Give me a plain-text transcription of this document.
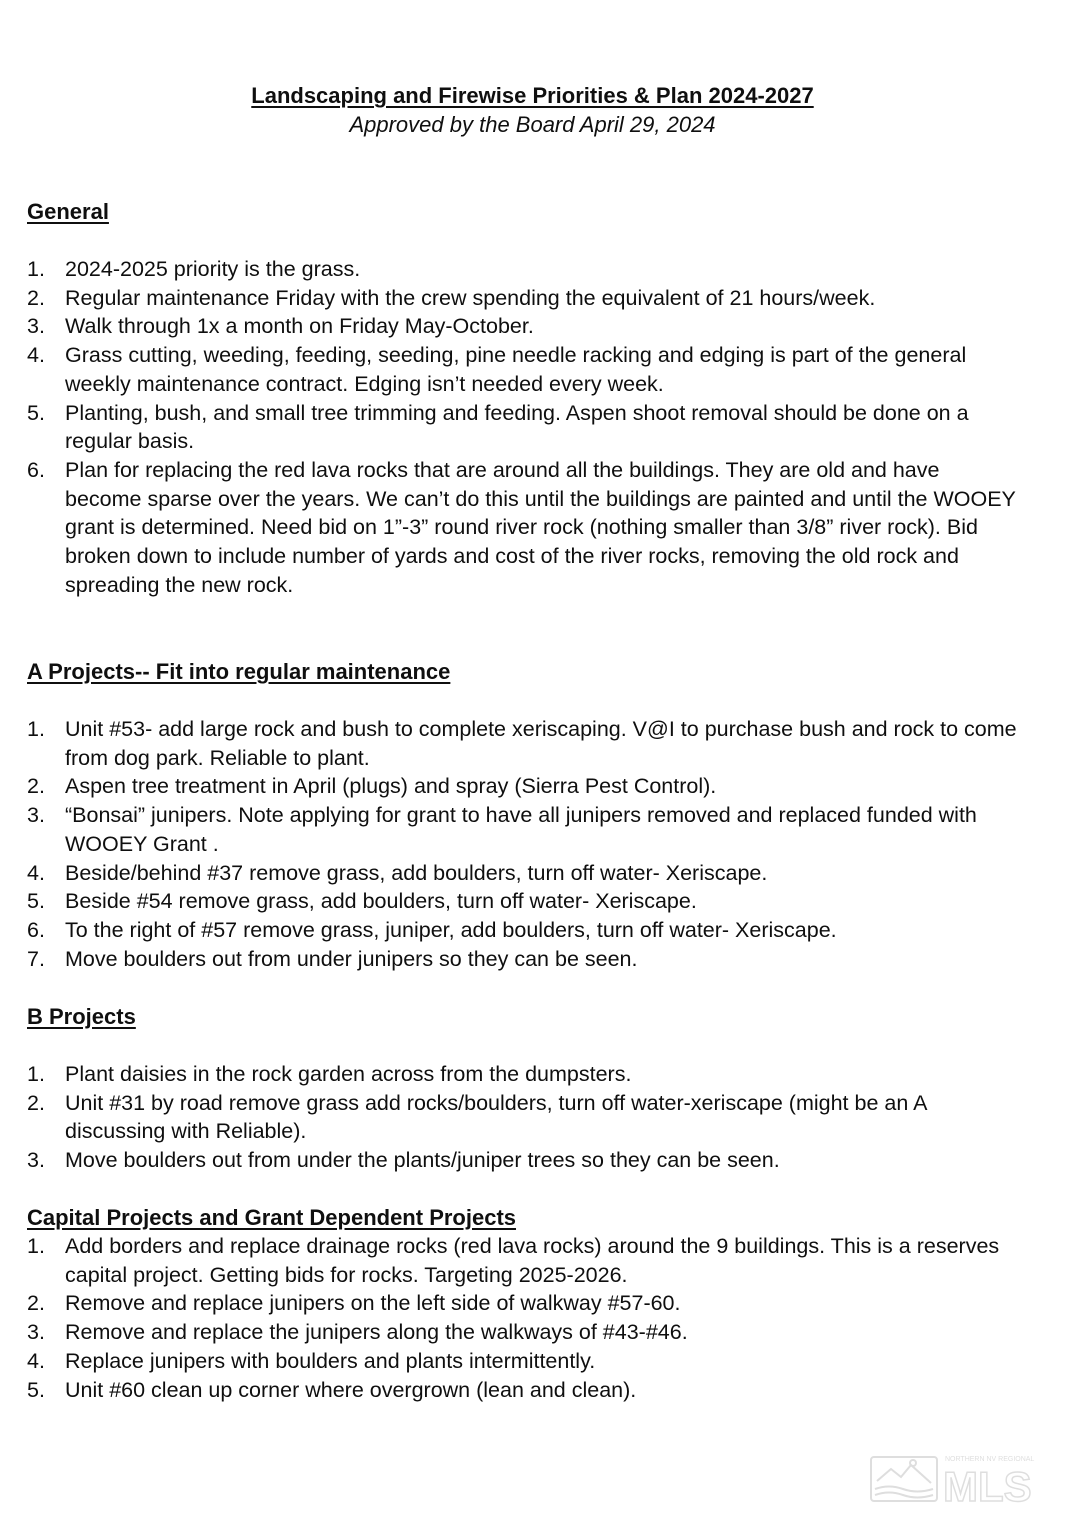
Landscaping and Firewise Priorities & Plan 2024-2027

Approved by the Board April 29, 2024

General

1. 2024-2025 priority is the grass.
2. Regular maintenance Friday with the crew spending the equivalent of 21 hours/week.
3. Walk through 1x a month on Friday May-October.
4. Grass cutting, weeding, feeding, seeding, pine needle racking and edging is part of the general weekly maintenance contract. Edging isn’t needed every week.
5. Planting, bush, and small tree trimming and feeding. Aspen shoot removal should be done on a regular basis.
6. Plan for replacing the red lava rocks that are around all the buildings. They are old and have become sparse over the years. We can’t do this until the buildings are painted and until the WOOEY grant is determined. Need bid on 1”-3” round river rock (nothing smaller than 3/8” river rock). Bid broken down to include number of yards and cost of the river rocks, removing the old rock and spreading the new rock.

A Projects-- Fit into regular maintenance

1. Unit #53- add large rock and bush to complete xeriscaping. V@I to purchase bush and rock to come from dog park. Reliable to plant.
2. Aspen tree treatment in April (plugs) and spray (Sierra Pest Control).
3. “Bonsai” junipers. Note applying for grant to have all junipers removed and replaced funded with WOOEY Grant .
4. Beside/behind #37 remove grass, add boulders, turn off water- Xeriscape.
5. Beside #54 remove grass, add boulders, turn off water- Xeriscape.
6. To the right of #57 remove grass, juniper, add boulders, turn off water- Xeriscape.
7. Move boulders out from under junipers so they can be seen.

B Projects

1. Plant daisies in the rock garden across from the dumpsters.
2. Unit #31 by road remove grass add rocks/boulders, turn off water-xeriscape (might be an A discussing with Reliable).
3. Move boulders out from under the plants/juniper trees so they can be seen.

Capital Projects and Grant Dependent Projects

1. Add borders and replace drainage rocks (red lava rocks) around the 9 buildings. This is a reserves capital project. Getting bids for rocks. Targeting 2025-2026.
2. Remove and replace junipers on the left side of walkway #57-60.
3. Remove and replace the junipers along the walkways of #43-#46.
4. Replace junipers with boulders and plants intermittently.
5. Unit #60 clean up corner where overgrown (lean and clean).
NORTHERN NV REGIONAL
MLS
